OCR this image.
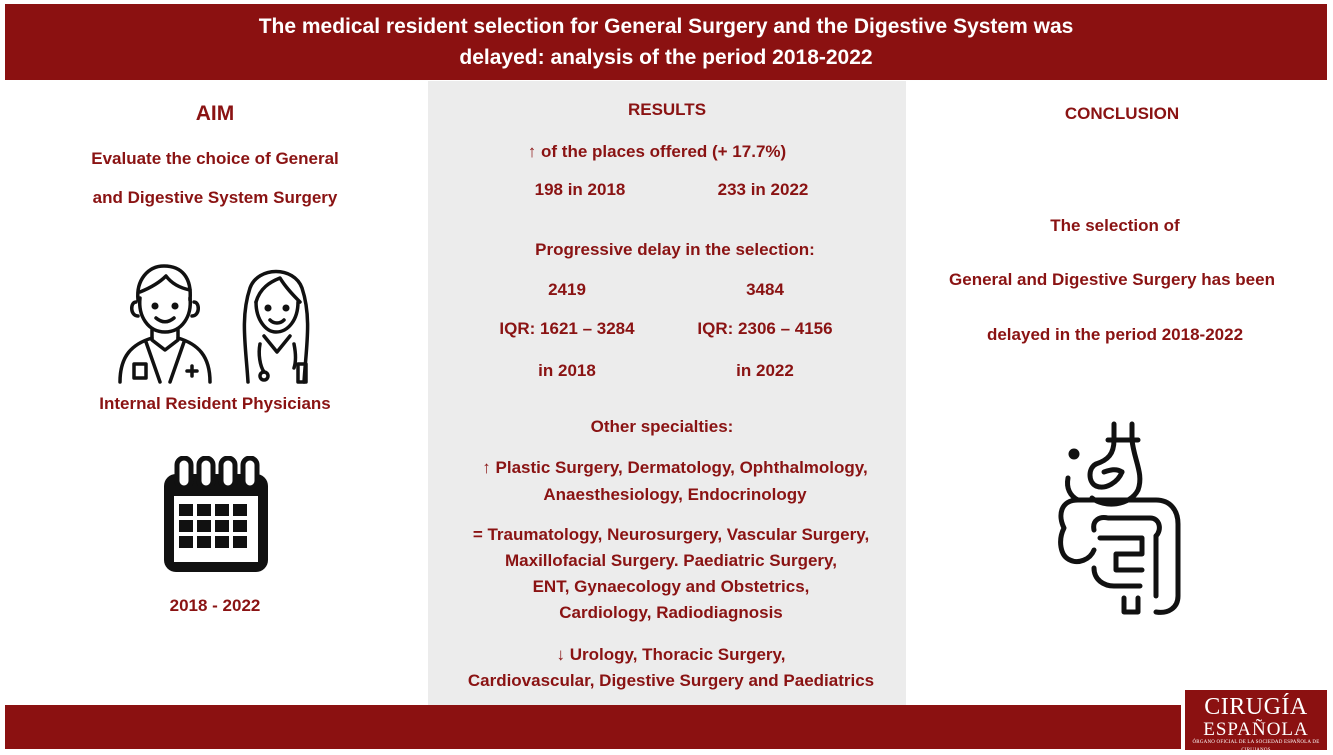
The medical resident selection for General Surgery and the Digestive System was
delayed: analysis of the period 2018-2022
AIM
Evaluate the choice of General
and Digestive System Surgery
Internal Resident Physicians
2018 - 2022
RESULTS
↑ of the places offered (+ 17.7%)
198 in 2018	233 in 2022
Progressive delay in the selection:
2419	3484
IQR: 1621 – 3284	IQR: 2306 – 4156
in 2018	in 2022
Other specialties:
↑ Plastic Surgery, Dermatology, Ophthalmology,
Anaesthesiology, Endocrinology
= Traumatology, Neurosurgery, Vascular Surgery,
Maxillofacial Surgery. Paediatric Surgery,
ENT, Gynaecology and Obstetrics,
Cardiology, Radiodiagnosis
↓ Urology, Thoracic Surgery,
Cardiovascular, Digestive Surgery and Paediatrics
CONCLUSION
The selection of
General and Digestive Surgery has been
delayed in the period 2018-2022
CIRUGÍA
ESPAÑOLA
ÓRGANO OFICIAL DE LA SOCIEDAD ESPAÑOLA DE CIRUJANOS
